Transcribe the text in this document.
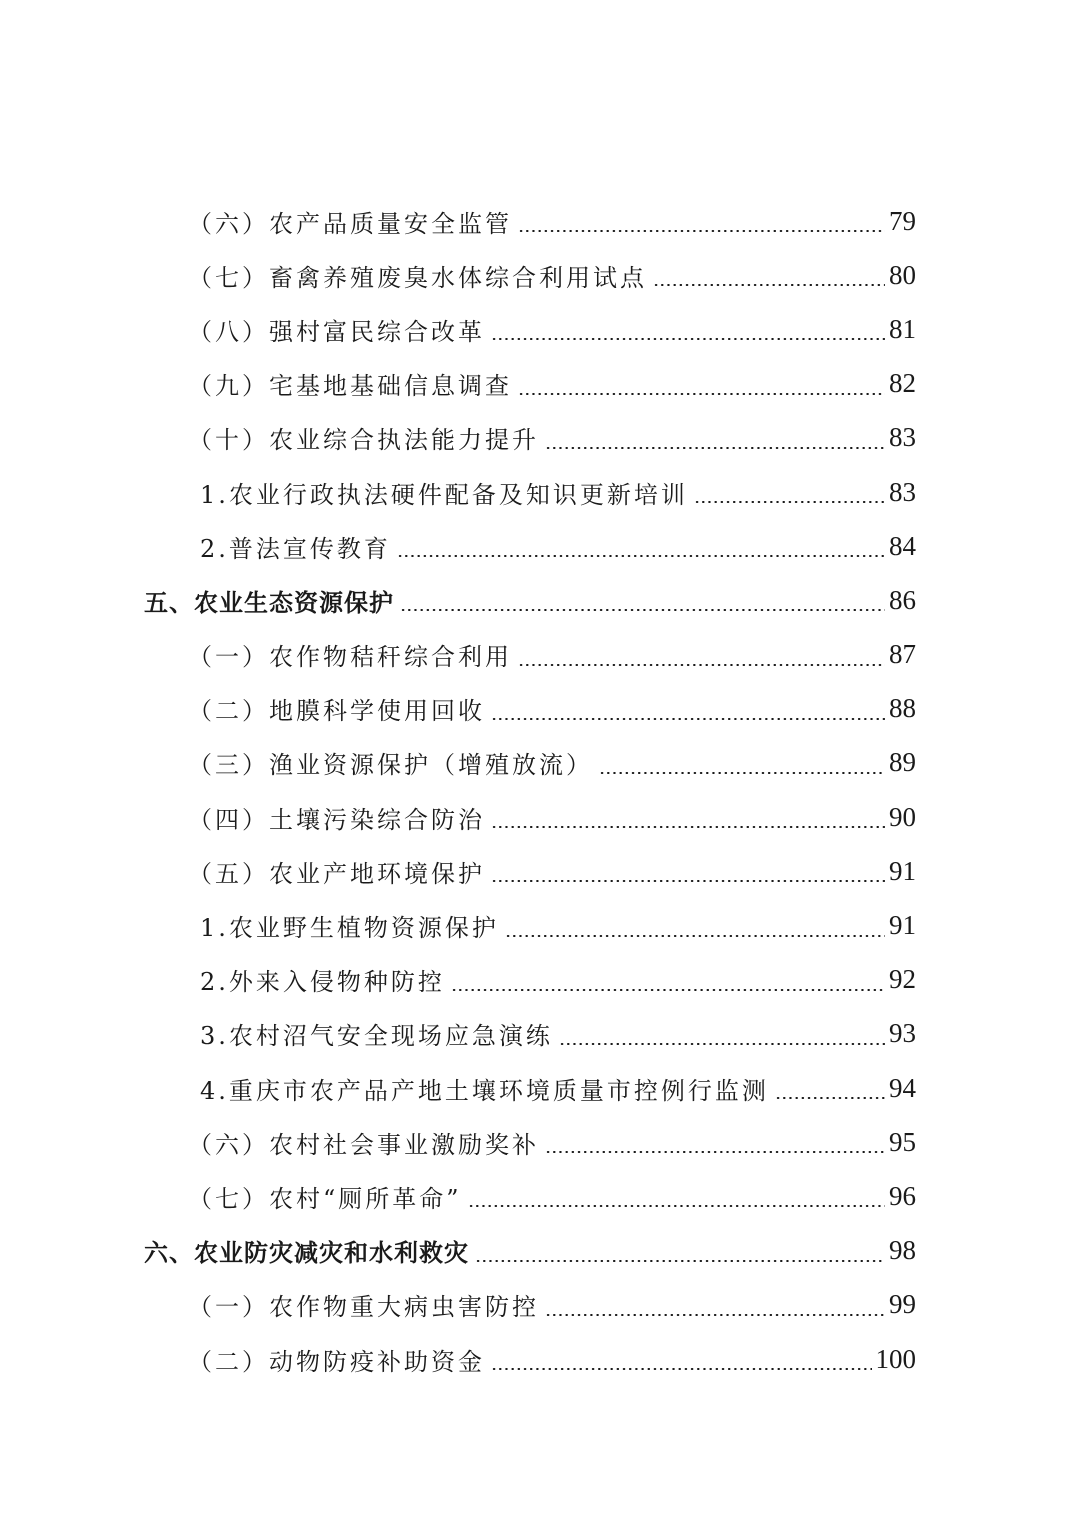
（六）农产品质量安全监管	79
（七）畜禽养殖废臭水体综合利用试点	80
（八）强村富民综合改革	81
（九）宅基地基础信息调查	82
（十）农业综合执法能力提升	83
1.农业行政执法硬件配备及知识更新培训	83
2.普法宣传教育	84
五、农业生态资源保护	86
（一）农作物秸秆综合利用	87
（二）地膜科学使用回收	88
（三）渔业资源保护（增殖放流）	89
（四）土壤污染综合防治	90
（五）农业产地环境保护	91
1.农业野生植物资源保护	91
2.外来入侵物种防控	92
3.农村沼气安全现场应急演练	93
4.重庆市农产品产地土壤环境质量市控例行监测	94
（六）农村社会事业激励奖补	95
（七）农村“厕所革命”	96
六、农业防灾减灾和水利救灾	98
（一）农作物重大病虫害防控	99
（二）动物防疫补助资金	100
